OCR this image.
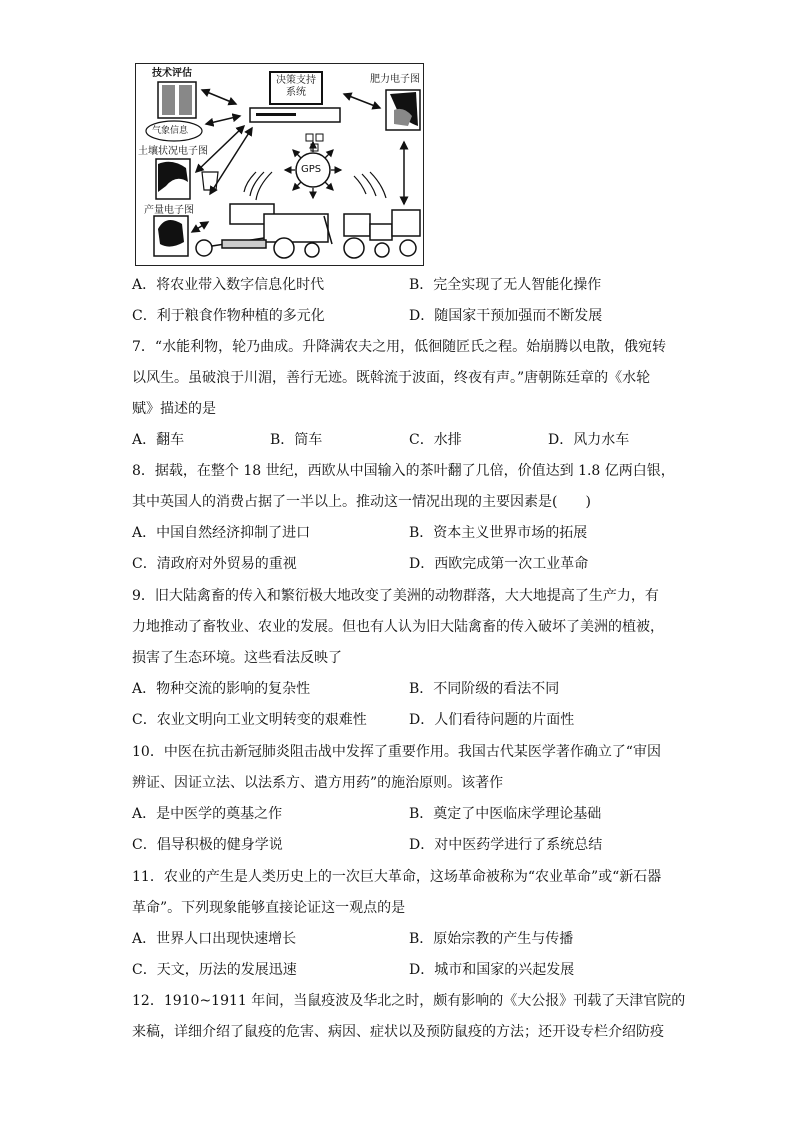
技术评估
气象信息
土壤状况电子图
产量电子图
肥力电子图
决策支持系统
GPS
A．将农业带入数字信息化时代	B．完全实现了无人智能化操作
C．利于粮食作物种植的多元化	D．随国家干预加强而不断发展
7．“水能利物，轮乃曲成。升降满农夫之用，低徊随匠氏之程。始崩腾以电散，俄宛转
以风生。虽破浪于川湄，善行无迹。既斡流于波面，终夜有声。”唐朝陈廷章的《水轮
赋》描述的是
A．翻车	B．筒车	C．水排	D．风力水车
8．据载，在整个 18 世纪，西欧从中国输入的茶叶翻了几倍，价值达到 1.8 亿两白银，
其中英国人的消费占据了一半以上。推动这一情况出现的主要因素是(　　)
A．中国自然经济抑制了进口	B．资本主义世界市场的拓展
C．清政府对外贸易的重视	D．西欧完成第一次工业革命
9．旧大陆禽畜的传入和繁衍极大地改变了美洲的动物群落，大大地提高了生产力，有
力地推动了畜牧业、农业的发展。但也有人认为旧大陆禽畜的传入破坏了美洲的植被，
损害了生态环境。这些看法反映了
A．物种交流的影响的复杂性	B．不同阶级的看法不同
C．农业文明向工业文明转变的艰难性	D．人们看待问题的片面性
10．中医在抗击新冠肺炎阻击战中发挥了重要作用。我国古代某医学著作确立了“审因
辨证、因证立法、以法系方、遣方用药”的施治原则。该著作
A．是中医学的奠基之作	B．奠定了中医临床学理论基础
C．倡导积极的健身学说	D．对中医药学进行了系统总结
11．农业的产生是人类历史上的一次巨大革命，这场革命被称为“农业革命”或“新石器
革命”。下列现象能够直接论证这一观点的是
A．世界人口出现快速增长	B．原始宗教的产生与传播
C．天文，历法的发展迅速	D．城市和国家的兴起发展
12．1910~1911 年间，当鼠疫波及华北之时，颇有影响的《大公报》刊载了天津官院的
来稿，详细介绍了鼠疫的危害、病因、症状以及预防鼠疫的方法；还开设专栏介绍防疫
